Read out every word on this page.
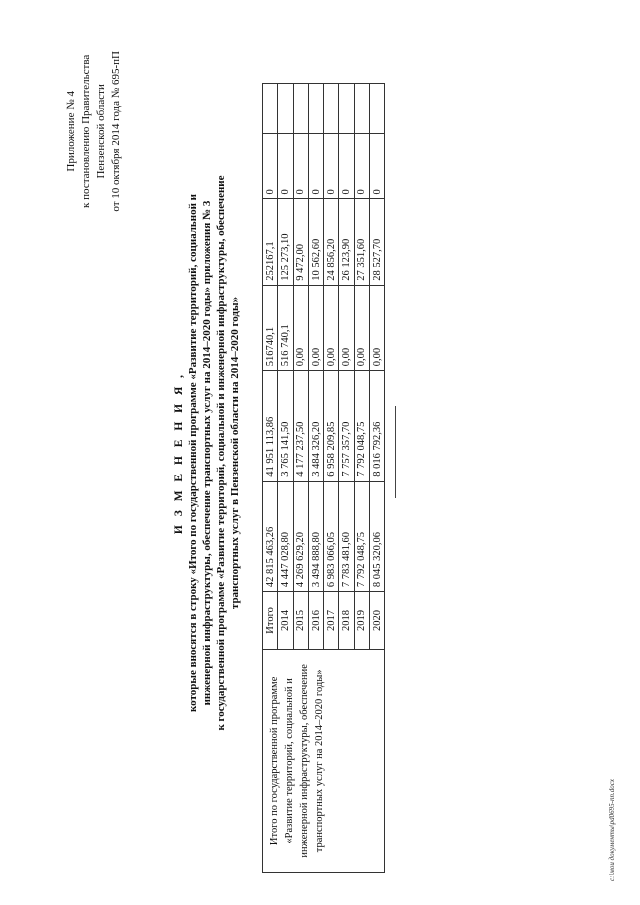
Приложение № 4 к постановлению Правительства Пензенской области от 10 октября 2014 года № 695-пП
И З М Е Н Е Н И Я , которые вносятся в строку «Итого по государственной программе «Развитие территорий, социальной и инженерной инфраструктуры, обеспечение транспортных услуг на 2014–2020 годы» приложения № 3 к государственной программе «Развитие территорий, социальной и инженерной инфраструктуры, обеспечение транспортных услуг в Пензенской области на 2014–2020 годы»
Итого по государственной программе «Развитие территорий, социальной и инженерной инфраструктуры, обеспечение транспортных услуг на 2014–2020 годы»	Итого	42 815 463,26	41 951 113,86	516740,1	252167,1	0	
	2014	4 447 028,80	3 765 141,50	516 740,1	125 273,10	0	
	2015	4 269 629,20	4 177 237,50	0,00	9 472,00	0	
	2016	3 494 888,80	3 484 326,20	0,00	10 562,60	0	
	2017	6 983 066,05	6 958 209,85	0,00	24 856,20	0	
	2018	7 783 481,60	7 757 357,70	0,00	26 123,90	0	
	2019	7 792 048,75	7 792 048,75	0,00	27 351,60	0	
	2020	8 045 320,06	8 016 792,36	0,00	28 527,70	0	
c:\мои документы\pd0695-пп.docx
